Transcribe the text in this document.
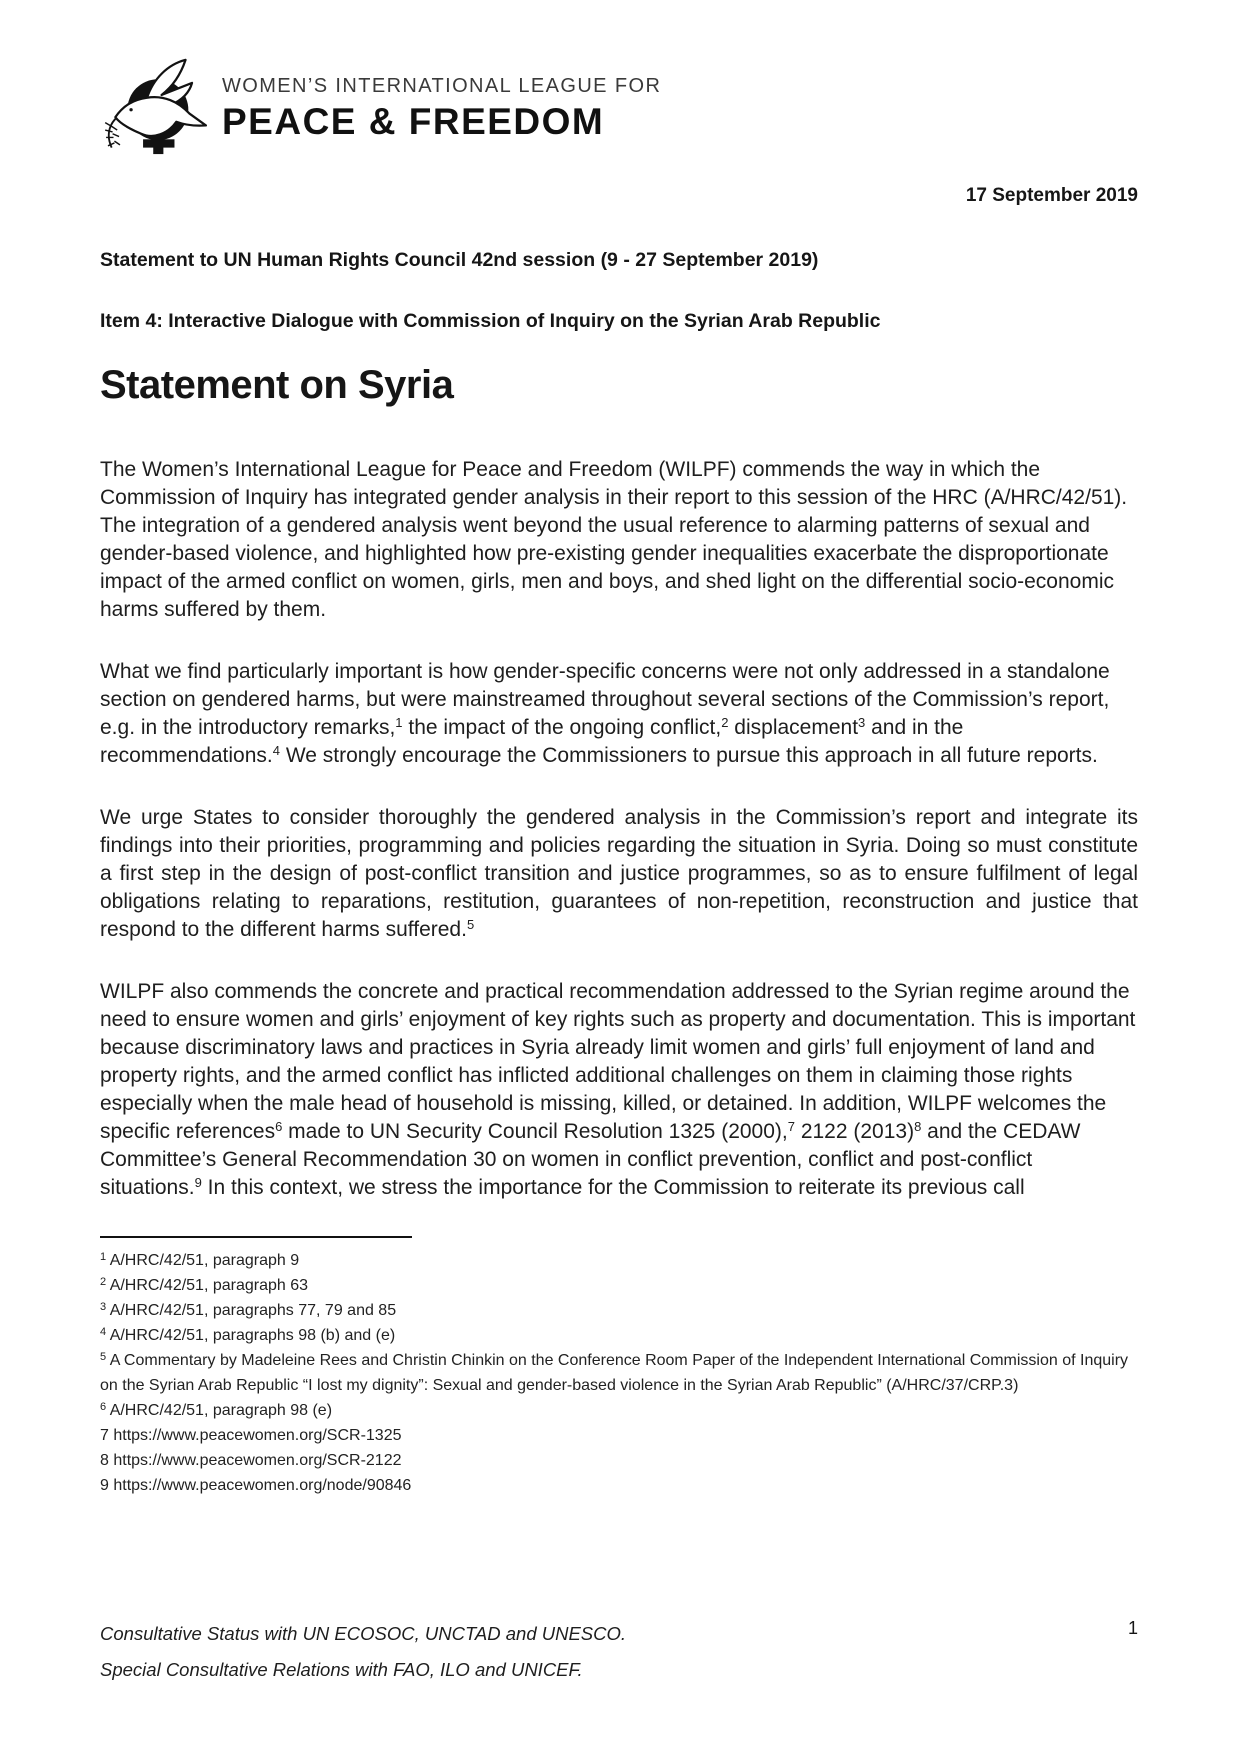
WOMEN’S INTERNATIONAL LEAGUE FOR
PEACE & FREEDOM
17 September 2019
Statement to UN Human Rights Council 42nd session (9 - 27 September 2019)
Item 4: Interactive Dialogue with Commission of Inquiry on the Syrian Arab Republic
Statement on Syria

The Women’s International League for Peace and Freedom (WILPF) commends the way in which the Commission of Inquiry has integrated gender analysis in their report to this session of the HRC (A/HRC/42/51). The integration of a gendered analysis went beyond the usual reference to alarming patterns of sexual and gender-based violence, and highlighted how pre-existing gender inequalities exacerbate the disproportionate impact of the armed conflict on women, girls, men and boys, and shed light on the differential socio-economic harms suffered by them.

What we find particularly important is how gender-specific concerns were not only addressed in a standalone section on gendered harms, but were mainstreamed throughout several sections of the Commission’s report, e.g. in the introductory remarks,$^1$ the impact of the ongoing conflict,$^2$ displacement$^3$ and in the recommendations.$^4$ We strongly encourage the Commissioners to pursue this approach in all future reports.

We urge States to consider thoroughly the gendered analysis in the Commission’s report and integrate its findings into their priorities, programming and policies regarding the situation in Syria. Doing so must constitute a first step in the design of post-conflict transition and justice programmes, so as to ensure fulfilment of legal obligations relating to reparations, restitution, guarantees of non-repetition, reconstruction and justice that respond to the different harms suffered.$^5$

WILPF also commends the concrete and practical recommendation addressed to the Syrian regime around the need to ensure women and girls’ enjoyment of key rights such as property and documentation. This is important because discriminatory laws and practices in Syria already limit women and girls’ full enjoyment of land and property rights, and the armed conflict has inflicted additional challenges on them in claiming those rights especially when the male head of household is missing, killed, or detained. In addition, WILPF welcomes the specific references$^6$ made to UN Security Council Resolution 1325 (2000),$^7$ 2122 $(2013)^8$ and the CEDAW Committee’s General Recommendation 30 on women in conflict prevention, conflict and post-conflict situations.$^9$ In this context, we stress the importance for the Commission to reiterate its previous call

$^1$ A/HRC/42/51, paragraph 9
$^2$ A/HRC/42/51, paragraph 63
$^3$ A/HRC/42/51, paragraphs 77, 79 and 85
$^4$ A/HRC/42/51, paragraphs 98 (b) and (e)
$^5$ A Commentary by Madeleine Rees and Christin Chinkin on the Conference Room Paper of the Independent International Commission of Inquiry on the Syrian Arab Republic “I lost my dignity”: Sexual and gender-based violence in the Syrian Arab Republic” (A/HRC/37/CRP.3)
$^6$ A/HRC/42/51, paragraph 98 (e)
7 https://www.peacewomen.org/SCR-1325
8 https://www.peacewomen.org/SCR-2122
9 https://www.peacewomen.org/node/90846
Consultative Status with UN ECOSOC, UNCTAD and UNESCO.
Special Consultative Relations with FAO, ILO and UNICEF.
1
